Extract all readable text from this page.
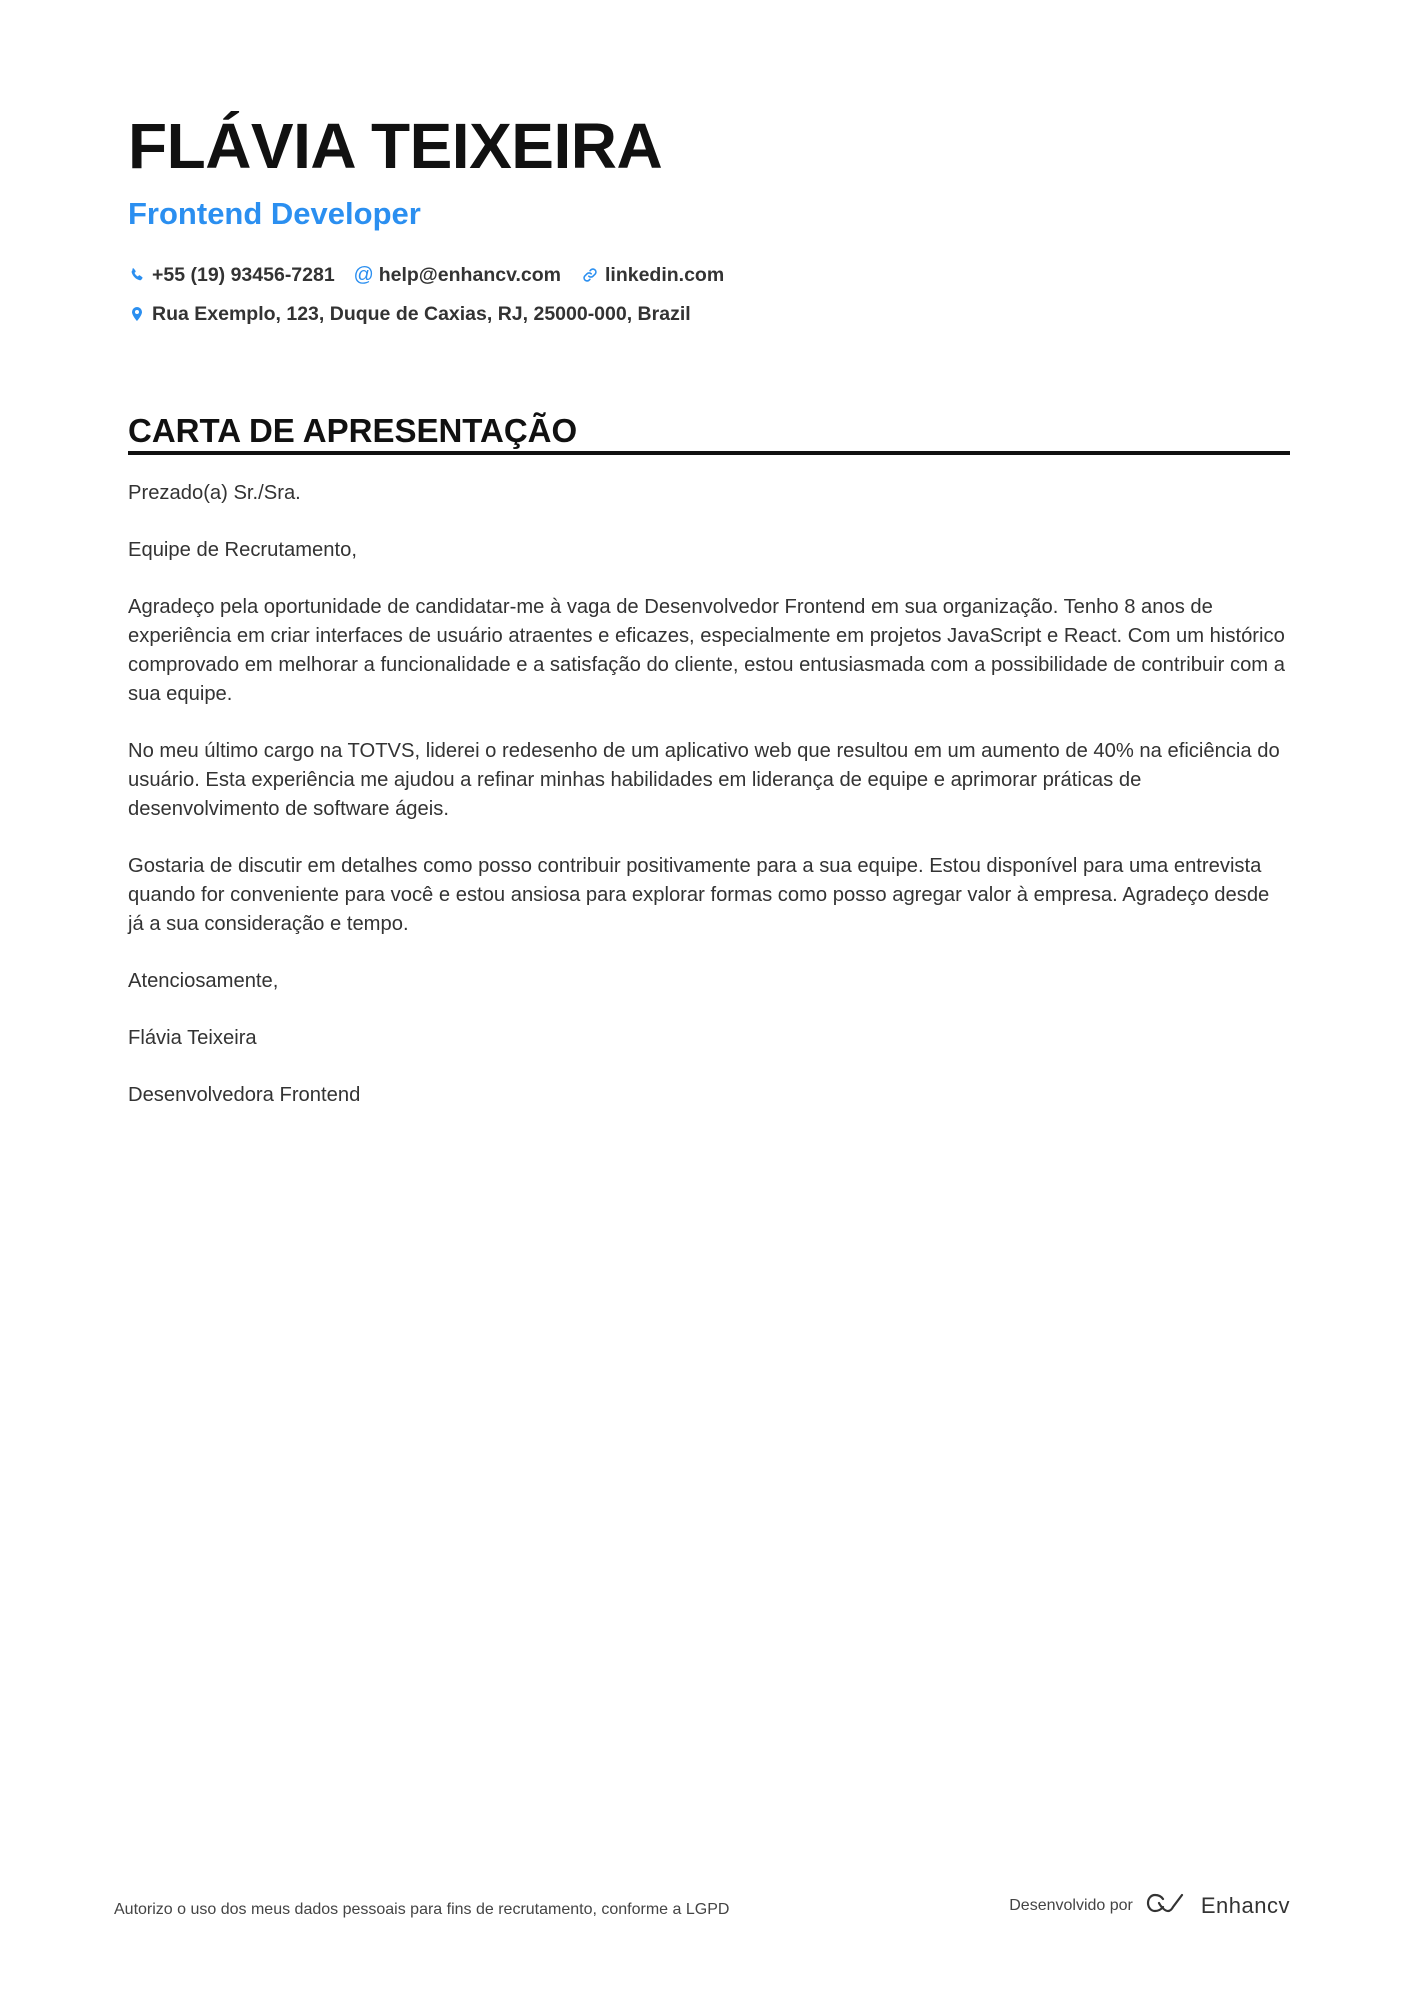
FLÁVIA TEIXEIRA
Frontend Developer
+55 (19) 93456-7281 @ help@enhancv.com linkedin.com
Rua Exemplo, 123, Duque de Caxias, RJ, 25000-000, Brazil
CARTA DE APRESENTAÇÃO

Prezado(a) Sr./Sra.

Equipe de Recrutamento,

Agradeço pela oportunidade de candidatar-me à vaga de Desenvolvedor Frontend em sua organização. Tenho 8 anos de experiência em criar interfaces de usuário atraentes e eficazes, especialmente em projetos JavaScript e React. Com um histórico comprovado em melhorar a funcionalidade e a satisfação do cliente, estou entusiasmada com a possibilidade de contribuir com a sua equipe.

No meu último cargo na TOTVS, liderei o redesenho de um aplicativo web que resultou em um aumento de 40% na eficiência do usuário. Esta experiência me ajudou a refinar minhas habilidades em liderança de equipe e aprimorar práticas de desenvolvimento de software ágeis.

Gostaria de discutir em detalhes como posso contribuir positivamente para a sua equipe. Estou disponível para uma entrevista quando for conveniente para você e estou ansiosa para explorar formas como posso agregar valor à empresa. Agradeço desde já a sua consideração e tempo.

Atenciosamente,

Flávia Teixeira

Desenvolvedora Frontend

Autorizo o uso dos meus dados pessoais para fins de recrutamento, conforme a LGPD	Desenvolvido por	Enhancv
